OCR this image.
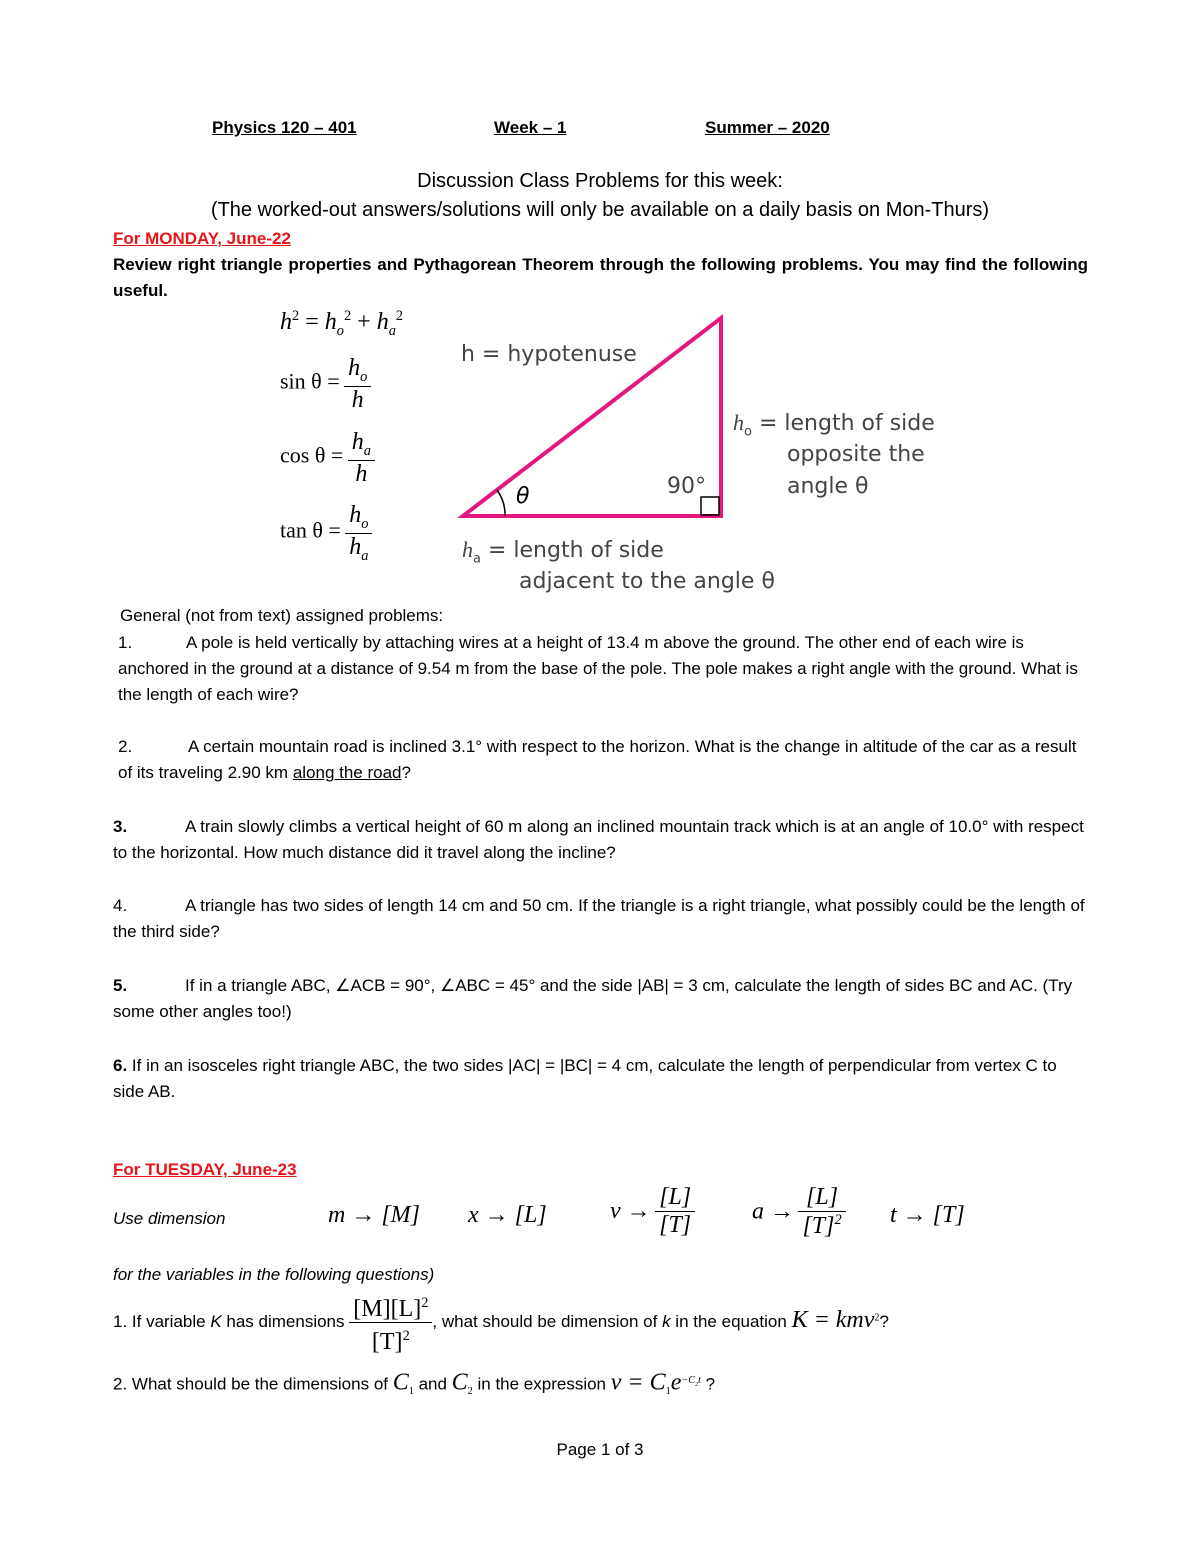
Physics 120 – 401	Week – 1	Summer – 2020
Discussion Class Problems for this week:
(The worked-out answers/solutions will only be available on a daily basis on Mon-Thurs)
For MONDAY, June-22
Review right triangle properties and Pythagorean Theorem through the following problems. You may find the following useful.
$h^2 = h_o^2 + h_a^2$
$\sin \theta = \frac{h_o}{h}$
$\cos \theta = \frac{h_a}{h}$
$\tan \theta = \frac{h_o}{h_a}$
θ	90°
h = hypotenuse
$h_o$ = length of side
opposite the
angle θ
$h_a$ = length of side
adjacent to the angle θ
General (not from text) assigned problems:
1.	A pole is held vertically by attaching wires at a height of 13.4 m above the ground. The other end of each wire is anchored in the ground at a distance of 9.54 m from the base of the pole. The pole makes a right angle with the ground. What is the length of each wire?
2.	A certain mountain road is inclined 3.1° with respect to the horizon. What is the change in altitude of the car as a result of its traveling 2.90 km along the road?
3.	A train slowly climbs a vertical height of 60 m along an inclined mountain track which is at an angle of 10.0° with respect to the horizontal. How much distance did it travel along the incline?
4.	A triangle has two sides of length 14 cm and 50 cm. If the triangle is a right triangle, what possibly could be the length of the third side?
5.	If in a triangle ABC, ∠ACB = 90°, ∠ABC = 45° and the side |AB| = 3 cm, calculate the length of sides BC and AC. (Try some other angles too!)
6. If in an isosceles right triangle ABC, the two sides |AC| = |BC| = 4 cm, calculate the length of perpendicular from vertex C to side AB.
For TUESDAY, June-23
Use dimension	m → [M] x → [L]	$v \to \frac{[L]}{[T]}$ $a \to \frac{[L]}{[T]^2}$ t → [T]
for the variables in the following questions)
1. If variable K has dimensions $\frac{[M][L]^2}{[T]^2}$ , what should be dimension of k in the equation K = kmv$^2$?
2. What should be the dimensions of $C_1$ and $C_2$ in the expression $v = C_1e^{-C_2t}$ ?
Page 1 of 3
